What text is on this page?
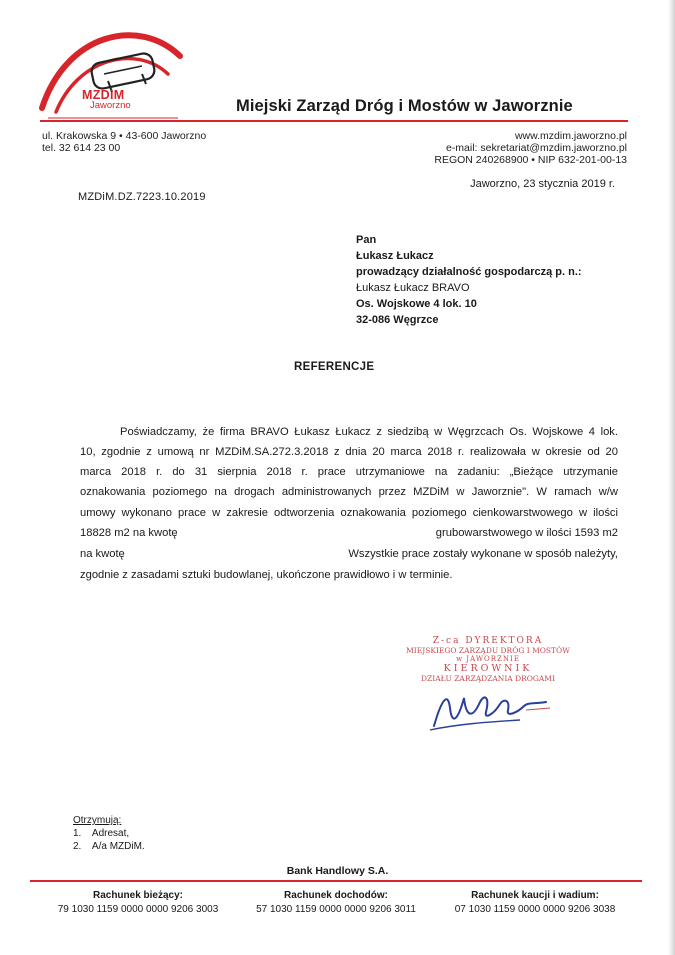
MZDiM
Jaworzno	Miejski Zarząd Dróg i Mostów w Jaworznie
ul. Krakowska 9 • 43-600 Jaworzno
tel. 32 614 23 00
www.mzdim.jaworzno.pl
e-mail: sekretariat@mzdim.jaworzno.pl
REGON 240268900 • NIP 632-201-00-13
Jaworzno, 23 stycznia 2019 r.
MZDiM.DZ.7223.10.2019
Pan
Łukasz Łukacz
prowadzący działalność gospodarczą p. n.:
Łukasz Łukacz BRAVO
Os. Wojskowe 4 lok. 10
32-086 Węgrzce
REFERENCJE
Poświadczamy, że firma BRAVO Łukasz Łukacz z siedzibą w Węgrzcach Os. Wojskowe 4 lok.
10, zgodnie z umową nr MZDiM.SA.272.3.2018 z dnia 20 marca 2018 r. realizowała w okresie od 20
marca 2018 r. do 31 sierpnia 2018 r. prace utrzymaniowe na zadaniu: „Bieżące utrzymanie
oznakowania poziomego na drogach administrowanych przez MZDiM w Jaworznie". W ramach w/w
umowy wykonano prace w zakresie odtworzenia oznakowania poziomego cienkowarstwowego w ilości
18828 m2 na kwotę	grubowarstwowego w ilości 1593 m2
na kwotę	Wszystkie prace zostały wykonane w sposób należyty,
zgodnie z zasadami sztuki budowlanej, ukończone prawidłowo i w terminie.
Z-ca DYREKTORA
MIEJSKIEGO ZARZĄDU DRÓG I MOSTÓW
w JAWORZNIE
KIEROWNIK
DZIAŁU ZARZĄDZANIA DROGAMI
Otrzymują:
1.    Adresat,
2.    A/a MZDiM.
Bank Handlowy S.A.
Rachunek bieżący:
79 1030 1159 0000 0000 9206 3003
Rachunek dochodów:
57 1030 1159 0000 0000 9206 3011
Rachunek kaucji i wadium:
07 1030 1159 0000 0000 9206 3038
